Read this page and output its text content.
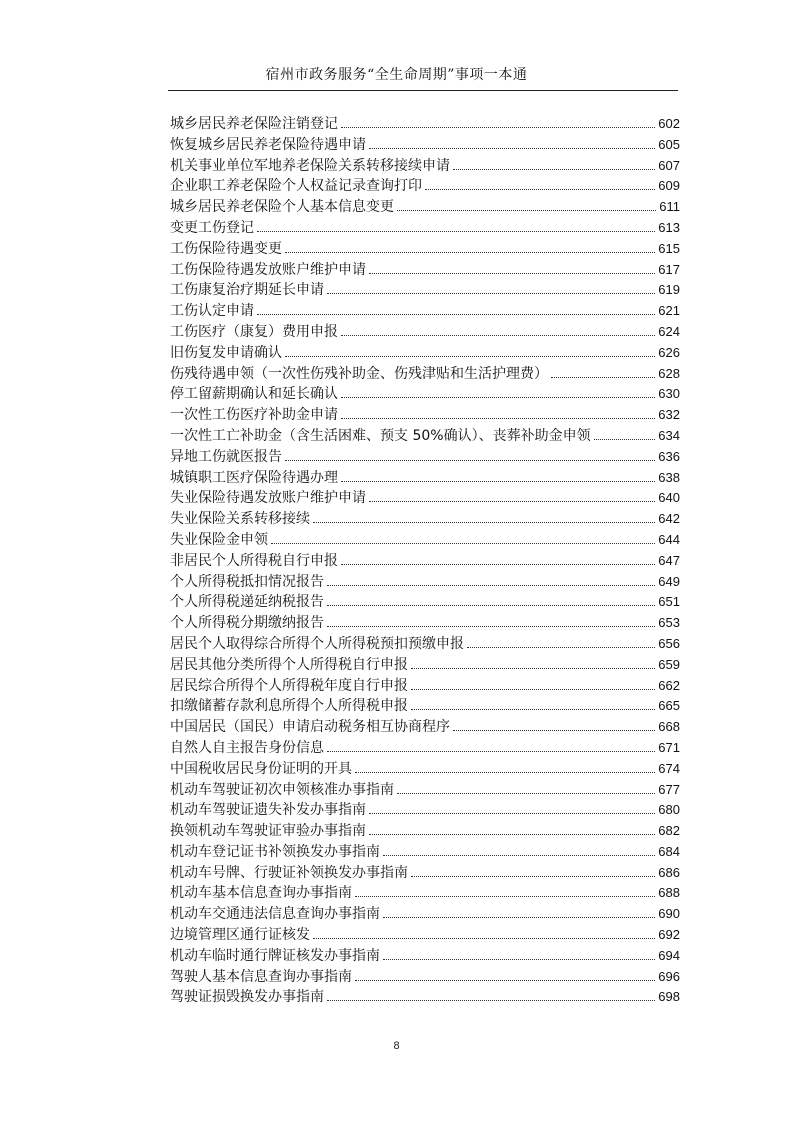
宿州市政务服务“全生命周期”事项一本通
城乡居民养老保险注销登记	602
恢复城乡居民养老保险待遇申请	605
机关事业单位军地养老保险关系转移接续申请	607
企业职工养老保险个人权益记录查询打印	609
城乡居民养老保险个人基本信息变更	611
变更工伤登记	613
工伤保险待遇变更	615
工伤保险待遇发放账户维护申请	617
工伤康复治疗期延长申请	619
工伤认定申请	621
工伤医疗（康复）费用申报	624
旧伤复发申请确认	626
伤残待遇申领（一次性伤残补助金、伤残津贴和生活护理费）	628
停工留薪期确认和延长确认	630
一次性工伤医疗补助金申请	632
一次性工亡补助金（含生活困难、预支 50%确认）、丧葬补助金申领	634
异地工伤就医报告	636
城镇职工医疗保险待遇办理	638
失业保险待遇发放账户维护申请	640
失业保险关系转移接续	642
失业保险金申领	644
非居民个人所得税自行申报	647
个人所得税抵扣情况报告	649
个人所得税递延纳税报告	651
个人所得税分期缴纳报告	653
居民个人取得综合所得个人所得税预扣预缴申报	656
居民其他分类所得个人所得税自行申报	659
居民综合所得个人所得税年度自行申报	662
扣缴储蓄存款利息所得个人所得税申报	665
中国居民（国民）申请启动税务相互协商程序	668
自然人自主报告身份信息	671
中国税收居民身份证明的开具	674
机动车驾驶证初次申领核准办事指南	677
机动车驾驶证遗失补发办事指南	680
换领机动车驾驶证审验办事指南	682
机动车登记证书补领换发办事指南	684
机动车号牌、行驶证补领换发办事指南	686
机动车基本信息查询办事指南	688
机动车交通违法信息查询办事指南	690
边境管理区通行证核发	692
机动车临时通行牌证核发办事指南	694
驾驶人基本信息查询办事指南	696
驾驶证损毁换发办事指南	698
8
